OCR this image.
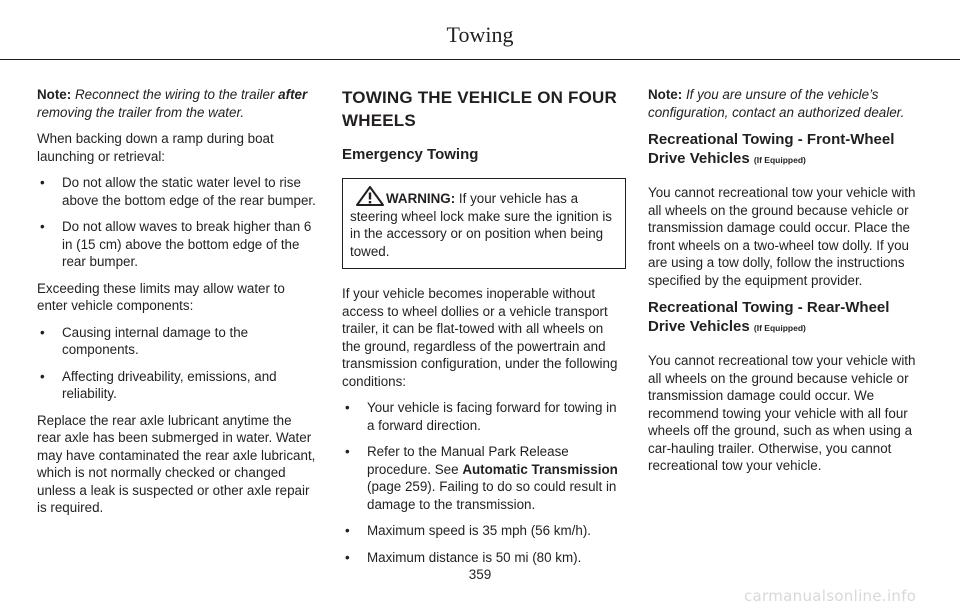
Towing

Note: Reconnect the wiring to the trailer after removing the trailer from the water.

When backing down a ramp during boat launching or retrieval:

• Do not allow the static water level to rise above the bottom edge of the rear bumper.
• Do not allow waves to break higher than 6 in (15 cm) above the bottom edge of the rear bumper.

Exceeding these limits may allow water to enter vehicle components:

• Causing internal damage to the components.
• Affecting driveability, emissions, and reliability.

Replace the rear axle lubricant anytime the rear axle has been submerged in water. Water may have contaminated the rear axle lubricant, which is not normally checked or changed unless a leak is suspected or other axle repair is required.

TOWING THE VEHICLE ON FOUR WHEELS
Emergency Towing

WARNING: If your vehicle has a steering wheel lock make sure the ignition is in the accessory or on position when being towed.

If your vehicle becomes inoperable without access to wheel dollies or a vehicle transport trailer, it can be flat-towed with all wheels on the ground, regardless of the powertrain and transmission configuration, under the following conditions:

• Your vehicle is facing forward for towing in a forward direction.
• Refer to the Manual Park Release procedure. See Automatic Transmission (page 259). Failing to do so could result in damage to the transmission.
• Maximum speed is 35 mph (56 km/h).
• Maximum distance is 50 mi (80 km).

Note: If you are unsure of the vehicle’s configuration, contact an authorized dealer.

Recreational Towing - Front-Wheel Drive Vehicles (If Equipped)

You cannot recreational tow your vehicle with all wheels on the ground because vehicle or transmission damage could occur. Place the front wheels on a two-wheel tow dolly. If you are using a tow dolly, follow the instructions specified by the equipment provider.

Recreational Towing - Rear-Wheel Drive Vehicles (If Equipped)

You cannot recreational tow your vehicle with all wheels on the ground because vehicle or transmission damage could occur. We recommend towing your vehicle with all four wheels off the ground, such as when using a car-hauling trailer. Otherwise, you cannot recreational tow your vehicle.

359
carmanualsonline.info
